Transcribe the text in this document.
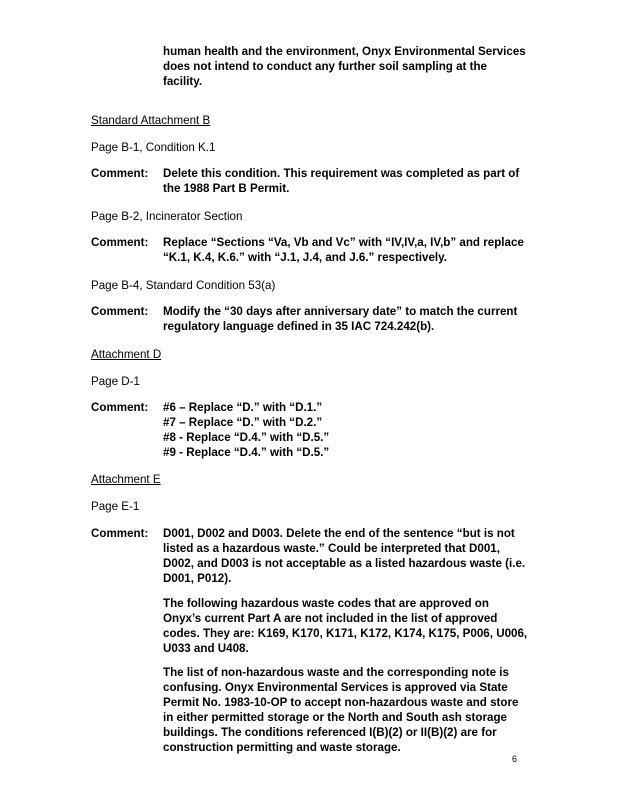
human health and the environment, Onyx Environmental Services does not intend to conduct any further soil sampling at the facility.

Standard Attachment B

Page B-1, Condition K.1

Comment:	Delete this condition. This requirement was completed as part of the 1988 Part B Permit.

Page B-2, Incinerator Section

Comment:	Replace “Sections “Va, Vb and Vc” with “IV,IV,a, IV,b” and replace “K.1, K.4, K.6.” with “J.1, J.4, and J.6.” respectively.

Page B-4, Standard Condition 53(a)

Comment:	Modify the “30 days after anniversary date” to match the current regulatory language defined in 35 IAC 724.242(b).

Attachment D

Page D-1

Comment:	#6 – Replace “D.” with “D.1.”
#7 – Replace “D.” with “D.2.”
#8 - Replace “D.4.” with “D.5.”
#9 - Replace “D.4.” with “D.5.”

Attachment E

Page E-1

Comment:	D001, D002 and D003. Delete the end of the sentence “but is not listed as a hazardous waste.” Could be interpreted that D001, D002, and D003 is not acceptable as a listed hazardous waste (i.e. D001, P012).

The following hazardous waste codes that are approved on Onyx’s current Part A are not included in the list of approved codes. They are: K169, K170, K171, K172, K174, K175, P006, U006, U033 and U408.

The list of non-hazardous waste and the corresponding note is confusing. Onyx Environmental Services is approved via State Permit No. 1983-10-OP to accept non-hazardous waste and store in either permitted storage or the North and South ash storage buildings. The conditions referenced I(B)(2) or II(B)(2) are for construction permitting and waste storage.

6
